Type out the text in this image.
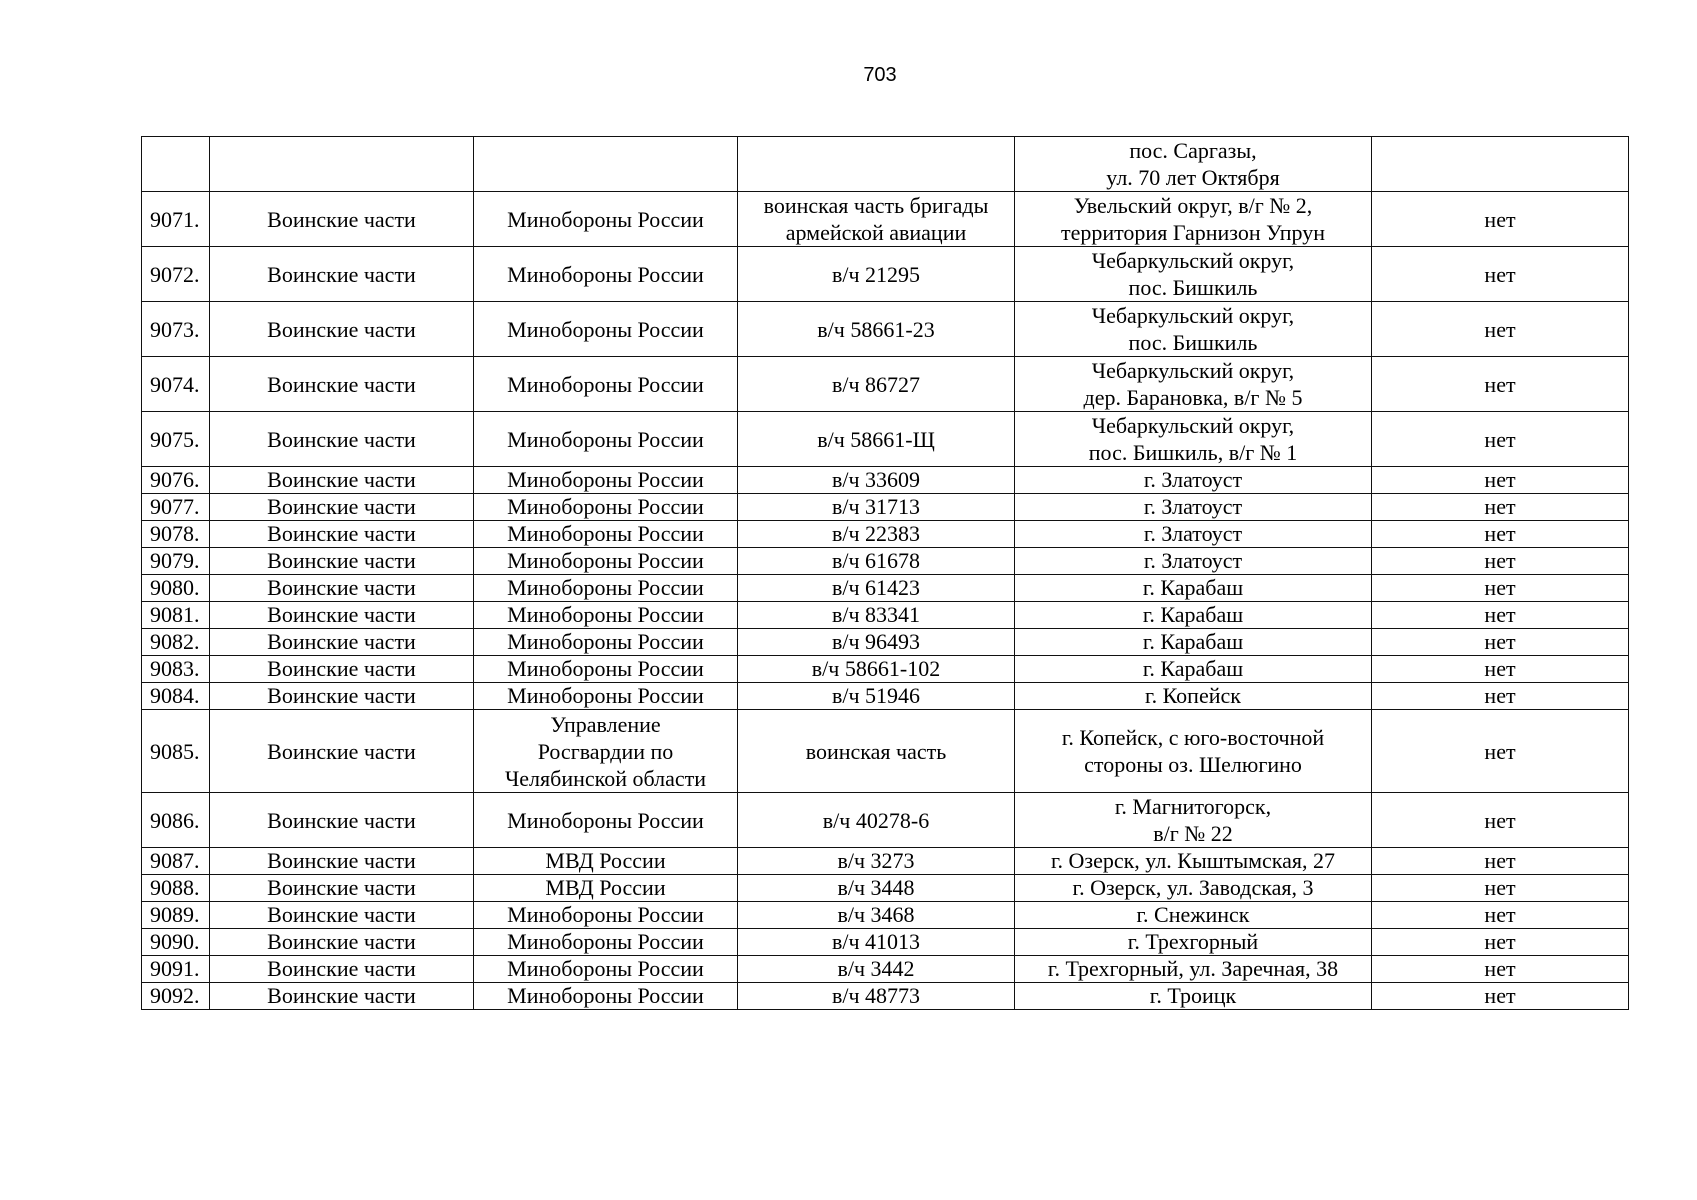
703
				пос. Саргазы,
ул. 70 лет Октября	
9071.	Воинские части	Минобороны России	воинская часть бригады армейской авиации	Увельский округ, в/г № 2,
территория Гарнизон Упрун	нет
9072.	Воинские части	Минобороны России	в/ч 21295	Чебаркульский округ,
пос. Бишкиль	нет
9073.	Воинские части	Минобороны России	в/ч 58661-23	Чебаркульский округ,
пос. Бишкиль	нет
9074.	Воинские части	Минобороны России	в/ч 86727	Чебаркульский округ,
дер. Барановка, в/г № 5	нет
9075.	Воинские части	Минобороны России	в/ч 58661-Щ	Чебаркульский округ,
пос. Бишкиль, в/г № 1	нет
9076.	Воинские части	Минобороны России	в/ч 33609	г. Златоуст	нет
9077.	Воинские части	Минобороны России	в/ч 31713	г. Златоуст	нет
9078.	Воинские части	Минобороны России	в/ч 22383	г. Златоуст	нет
9079.	Воинские части	Минобороны России	в/ч 61678	г. Златоуст	нет
9080.	Воинские части	Минобороны России	в/ч 61423	г. Карабаш	нет
9081.	Воинские части	Минобороны России	в/ч 83341	г. Карабаш	нет
9082.	Воинские части	Минобороны России	в/ч 96493	г. Карабаш	нет
9083.	Воинские части	Минобороны России	в/ч 58661-102	г. Карабаш	нет
9084.	Воинские части	Минобороны России	в/ч 51946	г. Копейск	нет
9085.	Воинские части	Управление
Росгвардии по
Челябинской области	воинская часть	г. Копейск, с юго-восточной
стороны оз. Шелюгино	нет
9086.	Воинские части	Минобороны России	в/ч 40278-6	г. Магнитогорск,
в/г № 22	нет
9087.	Воинские части	МВД России	в/ч 3273	г. Озерск, ул. Кыштымская, 27	нет
9088.	Воинские части	МВД России	в/ч 3448	г. Озерск, ул. Заводская, 3	нет
9089.	Воинские части	Минобороны России	в/ч 3468	г. Снежинск	нет
9090.	Воинские части	Минобороны России	в/ч 41013	г. Трехгорный	нет
9091.	Воинские части	Минобороны России	в/ч 3442	г. Трехгорный, ул. Заречная, 38	нет
9092.	Воинские части	Минобороны России	в/ч 48773	г. Троицк	нет
